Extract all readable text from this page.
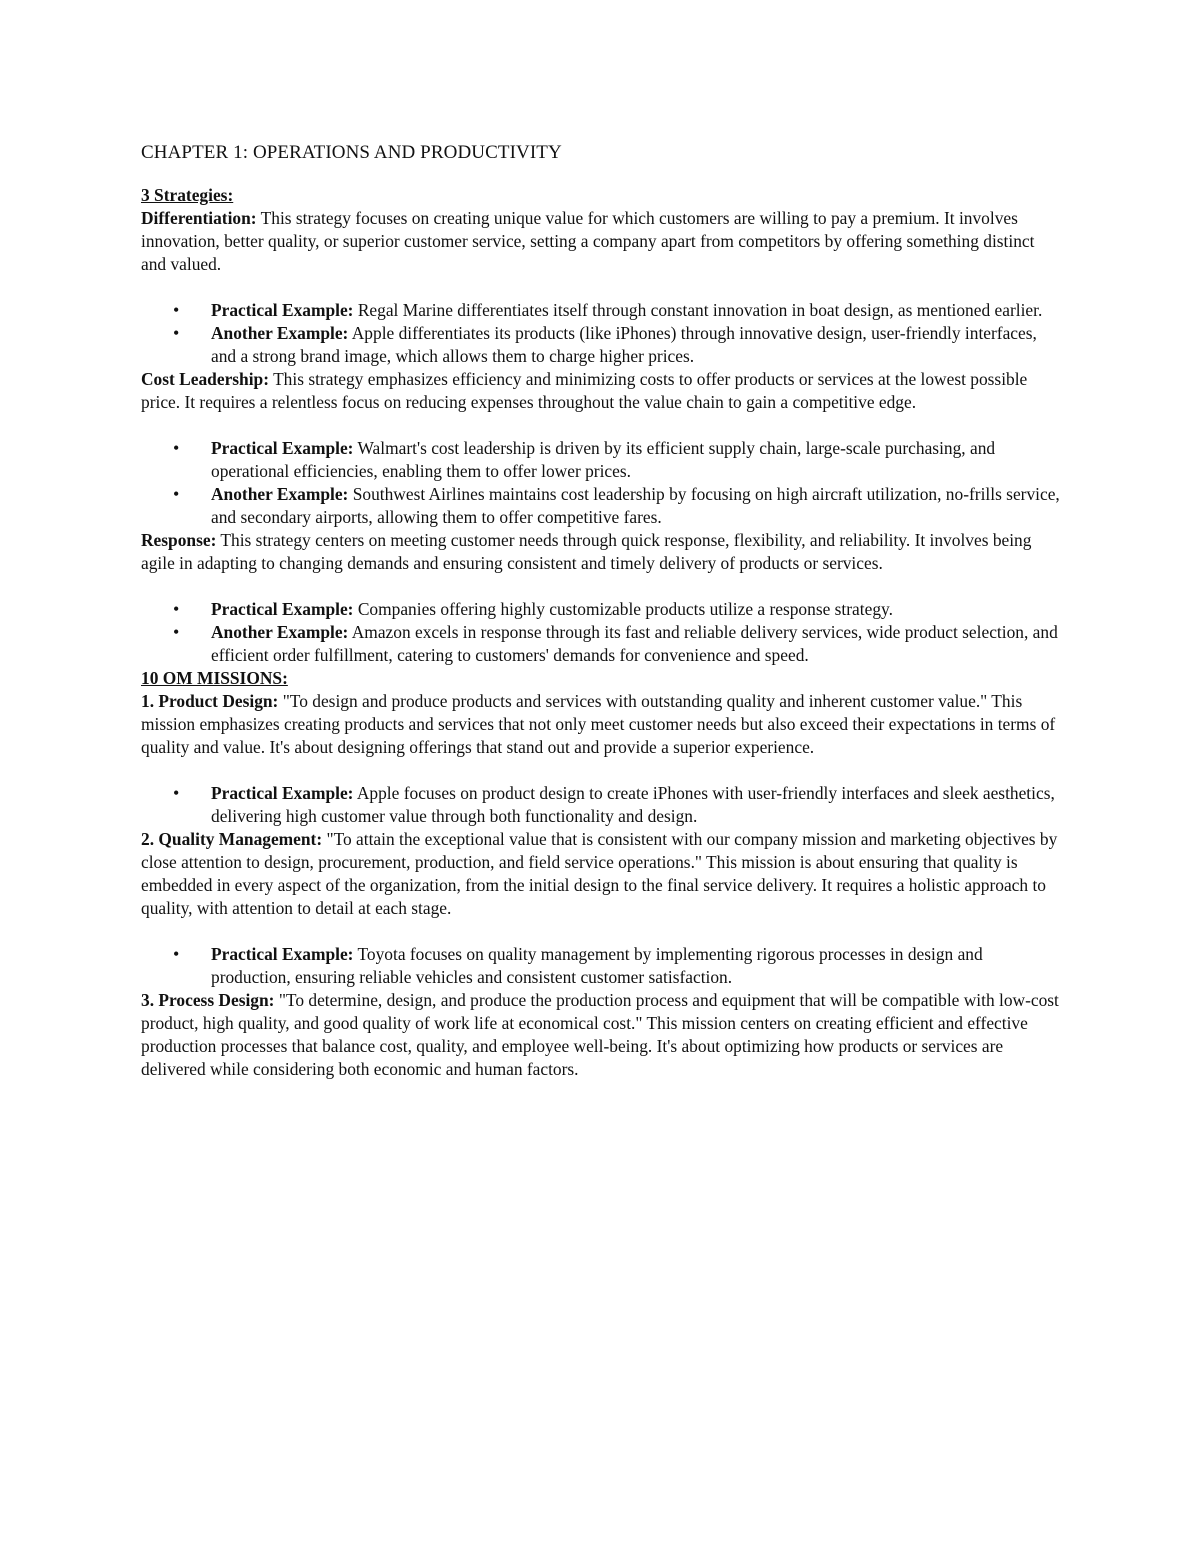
CHAPTER 1: OPERATIONS AND PRODUCTIVITY
3 Strategies:

Differentiation: This strategy focuses on creating unique value for which customers are willing to pay a premium. It involves innovation, better quality, or superior customer service, setting a company apart from competitors by offering something distinct and valued.

• Practical Example: Regal Marine differentiates itself through constant innovation in boat design, as mentioned earlier.
• Another Example: Apple differentiates its products (like iPhones) through innovative design, user-friendly interfaces, and a strong brand image, which allows them to charge higher prices.

Cost Leadership: This strategy emphasizes efficiency and minimizing costs to offer products or services at the lowest possible price. It requires a relentless focus on reducing expenses throughout the value chain to gain a competitive edge.

• Practical Example: Walmart's cost leadership is driven by its efficient supply chain, large-scale purchasing, and operational efficiencies, enabling them to offer lower prices.
• Another Example: Southwest Airlines maintains cost leadership by focusing on high aircraft utilization, no-frills service, and secondary airports, allowing them to offer competitive fares.

Response: This strategy centers on meeting customer needs through quick response, flexibility, and reliability. It involves being agile in adapting to changing demands and ensuring consistent and timely delivery of products or services.

• Practical Example: Companies offering highly customizable products utilize a response strategy.
• Another Example: Amazon excels in response through its fast and reliable delivery services, wide product selection, and efficient order fulfillment, catering to customers' demands for convenience and speed.
10 OM MISSIONS:

1. Product Design: "To design and produce products and services with outstanding quality and inherent customer value." This mission emphasizes creating products and services that not only meet customer needs but also exceed their expectations in terms of quality and value. It's about designing offerings that stand out and provide a superior experience.

• Practical Example: Apple focuses on product design to create iPhones with user-friendly interfaces and sleek aesthetics, delivering high customer value through both functionality and design.

2. Quality Management: "To attain the exceptional value that is consistent with our company mission and marketing objectives by close attention to design, procurement, production, and field service operations." This mission is about ensuring that quality is embedded in every aspect of the organization, from the initial design to the final service delivery. It requires a holistic approach to quality, with attention to detail at each stage.

• Practical Example: Toyota focuses on quality management by implementing rigorous processes in design and production, ensuring reliable vehicles and consistent customer satisfaction.

3. Process Design: "To determine, design, and produce the production process and equipment that will be compatible with low-cost product, high quality, and good quality of work life at economical cost." This mission centers on creating efficient and effective production processes that balance cost, quality, and employee well-being. It's about optimizing how products or services are delivered while considering both economic and human factors.
